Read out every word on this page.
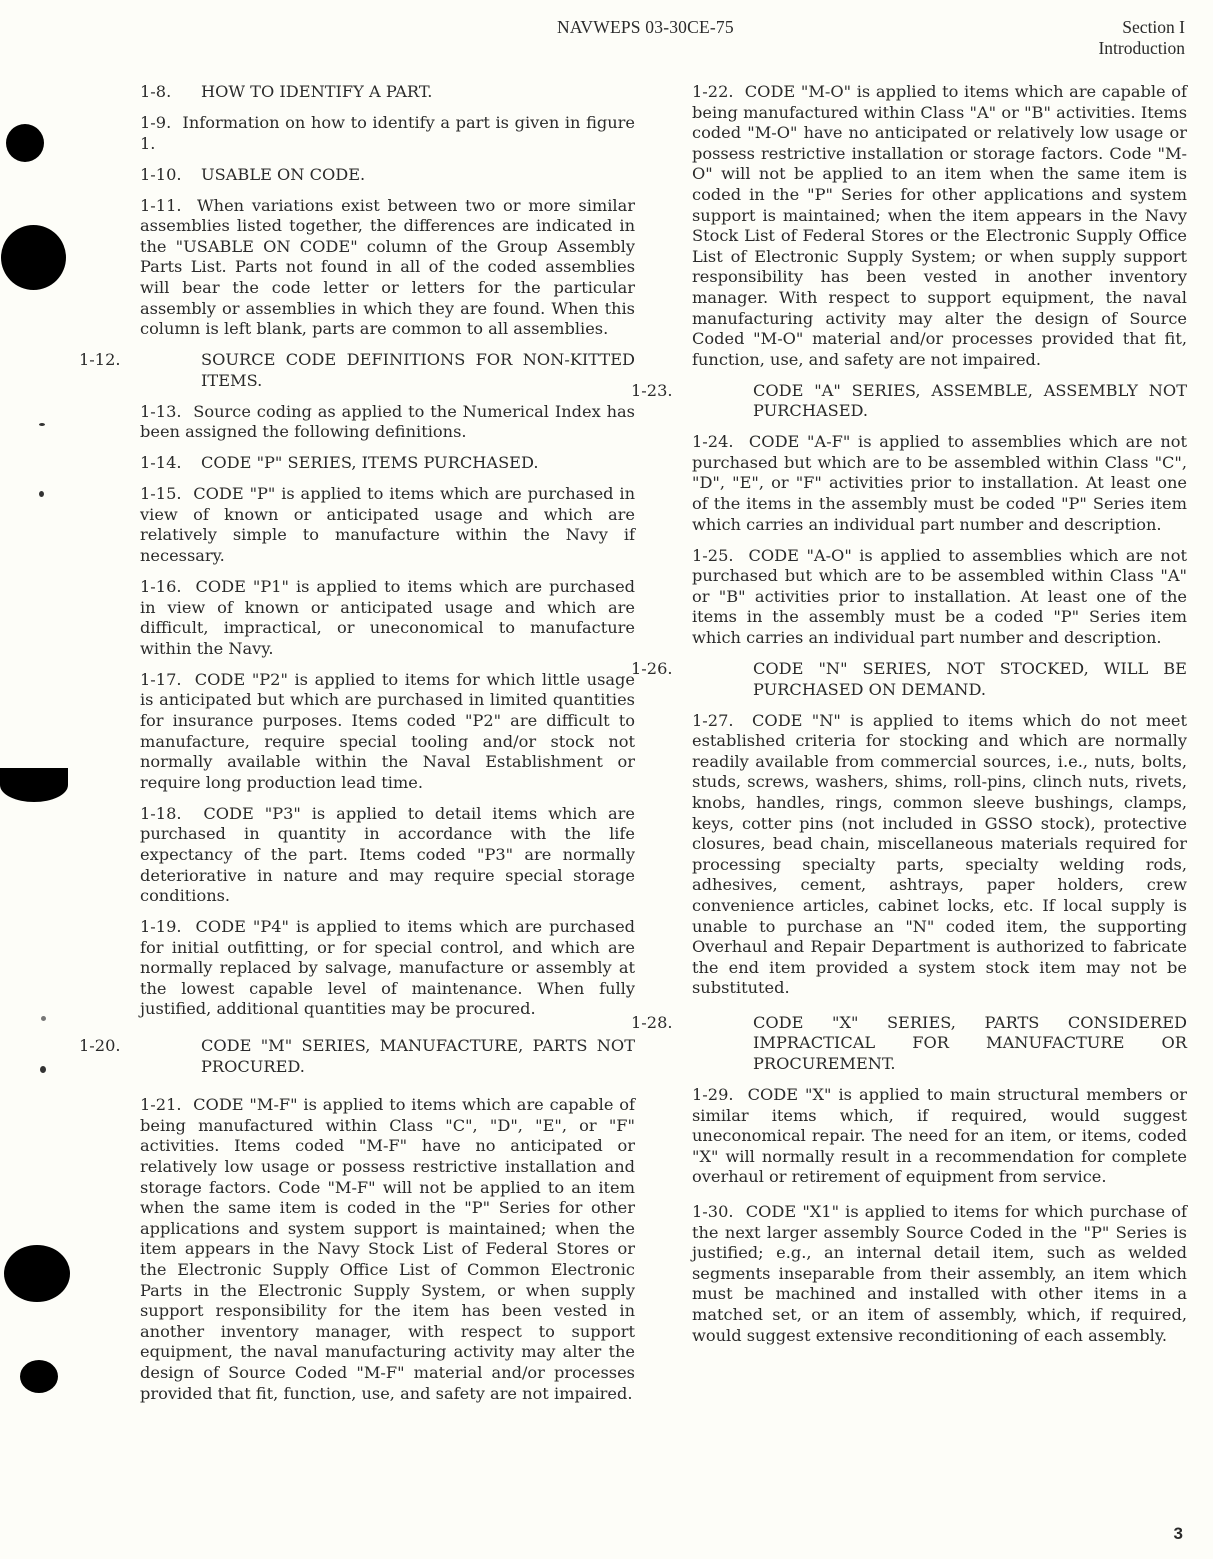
NAVWEPS 03-30CE-75	Section I
Introduction
1-8. HOW TO IDENTIFY A PART.

1-9. Information on how to identify a part is given in figure 1.

1-10. USABLE ON CODE.

1-11. When variations exist between two or more similar assemblies listed together, the differences are indicated in the "USABLE ON CODE" column of the Group Assembly Parts List. Parts not found in all of the coded assemblies will bear the code letter or letters for the particular assembly or assemblies in which they are found. When this column is left blank, parts are common to all assemblies.

1-12.	SOURCE CODE DEFINITIONS FOR NON-KITTED ITEMS.

1-13. Source coding as applied to the Numerical Index has been assigned the following definitions.

1-14. CODE "P" SERIES, ITEMS PURCHASED.

1-15. CODE "P" is applied to items which are purchased in view of known or anticipated usage and which are relatively simple to manufacture within the Navy if necessary.

1-16. CODE "P1" is applied to items which are purchased in view of known or anticipated usage and which are difficult, impractical, or uneconomical to manufacture within the Navy.

1-17. CODE "P2" is applied to items for which little usage is anticipated but which are purchased in limited quantities for insurance purposes. Items coded "P2" are difficult to manufacture, require special tooling and/or stock not normally available within the Naval Establishment or require long production lead time.

1-18. CODE "P3" is applied to detail items which are purchased in quantity in accordance with the life expectancy of the part. Items coded "P3" are normally deteriorative in nature and may require special storage conditions.

1-19. CODE "P4" is applied to items which are purchased for initial outfitting, or for special control, and which are normally replaced by salvage, manufacture or assembly at the lowest capable level of maintenance. When fully justified, additional quantities may be procured.

1-20.	CODE "M" SERIES, MANUFACTURE, PARTS NOT PROCURED.

1-21. CODE "M-F" is applied to items which are capable of being manufactured within Class "C", "D", "E", or "F" activities. Items coded "M-F" have no anticipated or relatively low usage or possess restrictive installation and storage factors. Code "M-F" will not be applied to an item when the same item is coded in the "P" Series for other applications and system support is maintained; when the item appears in the Navy Stock List of Federal Stores or the Electronic Supply Office List of Common Electronic Parts in the Electronic Supply System, or when supply support responsibility for the item has been vested in another inventory manager, with respect to support equipment, the naval manufacturing activity may alter the design of Source Coded "M-F" material and/or processes provided that fit, function, use, and safety are not impaired.

1-22. CODE "M-O" is applied to items which are capable of being manufactured within Class "A" or "B" activities. Items coded "M-O" have no anticipated or relatively low usage or possess restrictive installation or storage factors. Code "M-O" will not be applied to an item when the same item is coded in the "P" Series for other applications and system support is maintained; when the item appears in the Navy Stock List of Federal Stores or the Electronic Supply Office List of Electronic Supply System; or when supply support responsibility has been vested in another inventory manager. With respect to support equipment, the naval manufacturing activity may alter the design of Source Coded "M-O" material and/or processes provided that fit, function, use, and safety are not impaired.

1-23.	CODE "A" SERIES, ASSEMBLE, ASSEMBLY NOT PURCHASED.

1-24. CODE "A-F" is applied to assemblies which are not purchased but which are to be assembled within Class "C", "D", "E", or "F" activities prior to installation. At least one of the items in the assembly must be coded "P" Series item which carries an individual part number and description.

1-25. CODE "A-O" is applied to assemblies which are not purchased but which are to be assembled within Class "A" or "B" activities prior to installation. At least one of the items in the assembly must be a coded "P" Series item which carries an individual part number and description.

1-26.	CODE "N" SERIES, NOT STOCKED, WILL BE PURCHASED ON DEMAND.

1-27. CODE "N" is applied to items which do not meet established criteria for stocking and which are normally readily available from commercial sources, i.e., nuts, bolts, studs, screws, washers, shims, roll-pins, clinch nuts, rivets, knobs, handles, rings, common sleeve bushings, clamps, keys, cotter pins (not included in GSSO stock), protective closures, bead chain, miscellaneous materials required for processing specialty parts, specialty welding rods, adhesives, cement, ashtrays, paper holders, crew convenience articles, cabinet locks, etc. If local supply is unable to purchase an "N" coded item, the supporting Overhaul and Repair Department is authorized to fabricate the end item provided a system stock item may not be substituted.

1-28.	CODE "X" SERIES, PARTS CONSIDERED IMPRACTICAL FOR MANUFACTURE OR PROCUREMENT.

1-29. CODE "X" is applied to main structural members or similar items which, if required, would suggest uneconomical repair. The need for an item, or items, coded "X" will normally result in a recommendation for complete overhaul or retirement of equipment from service.

1-30. CODE "X1" is applied to items for which purchase of the next larger assembly Source Coded in the "P" Series is justified; e.g., an internal detail item, such as welded segments inseparable from their assembly, an item which must be machined and installed with other items in a matched set, or an item of assembly, which, if required, would suggest extensive reconditioning of each assembly.

3
